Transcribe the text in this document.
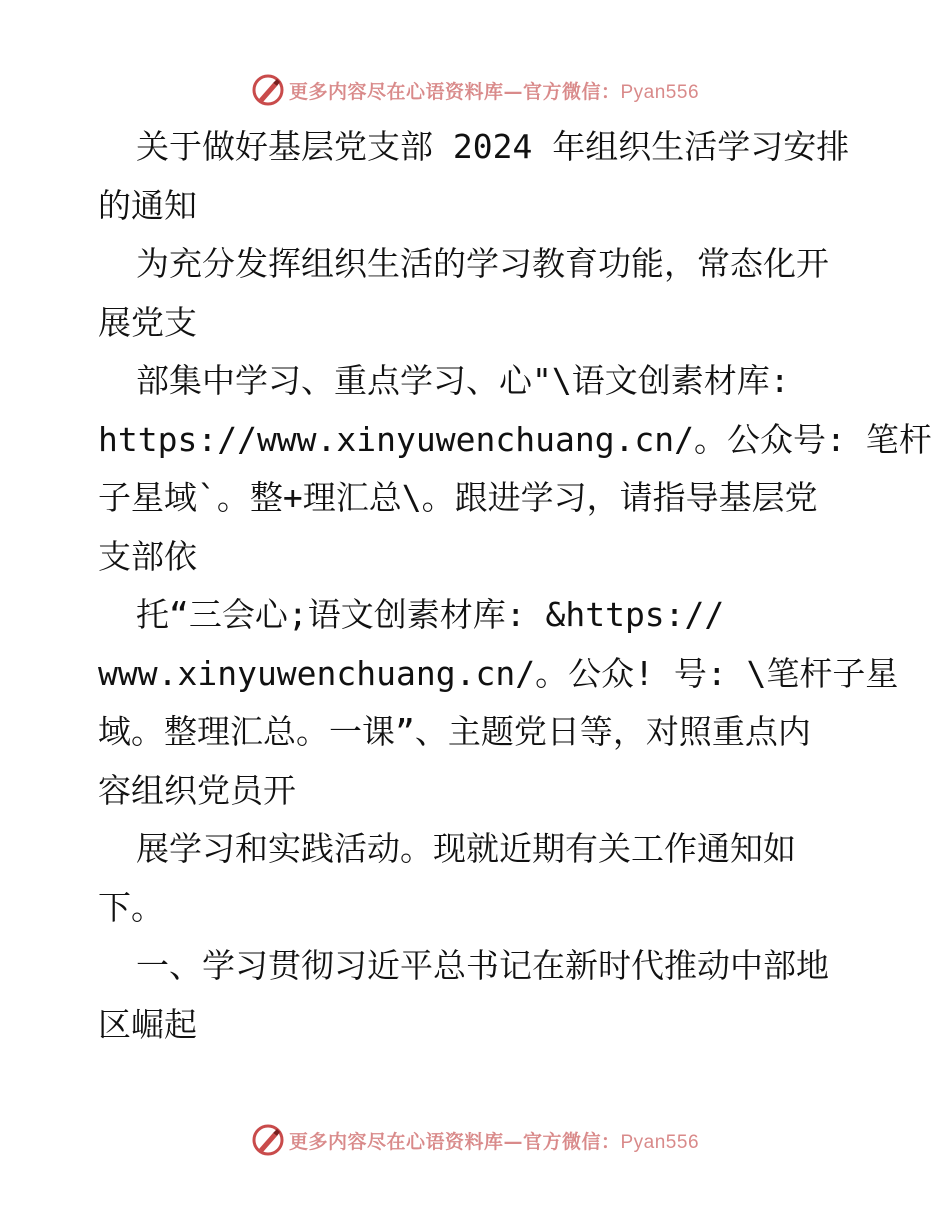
更多内容尽在心语资料库—官方微信：Pyan556
关于做好基层党支部 2024 年组织生活学习安排
的通知
为充分发挥组织生活的学习教育功能，常态化开
展党支
部集中学习、重点学习、心"\语文创素材库:
https://www.xinyuwenchuang.cn/。公众号: 笔杆
子星域`。整+理汇总\。跟进学习，请指导基层党
支部依
托“三会心;语文创素材库: &https://
www.xinyuwenchuang.cn/。公众! 号: \笔杆子星
域。整理汇总。一课”、主题党日等，对照重点内
容组织党员开
展学习和实践活动。现就近期有关工作通知如
下。
一、学习贯彻习近平总书记在新时代推动中部地
区崛起
更多内容尽在心语资料库—官方微信：Pyan556
